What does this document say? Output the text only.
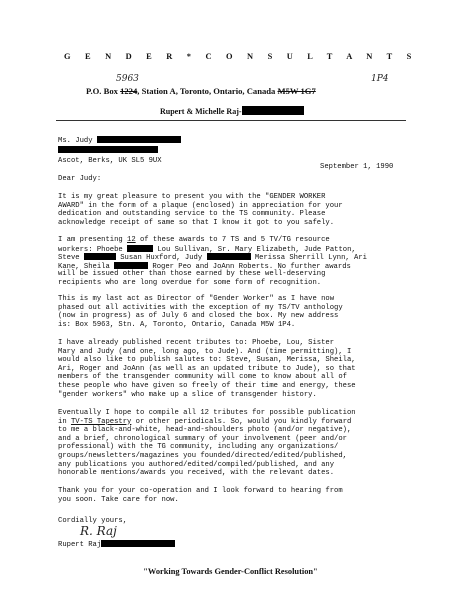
G E N D E R * C O N S U L T A N T S
P.O. Box 1224, Station A, Toronto, Ontario, Canada M5W 1G7
5963	1P4
Rupert & Michelle Raj-
Ms. Judy
Ascot, Berks, UK SL5 9UX
September 1, 1990
Dear Judy:
It is my great pleasure to present you with the "GENDER WORKER
AWARD" in the form of a plaque (enclosed) in appreciation for your
dedication and outstanding service to the TS community. Please
acknowledge receipt of same so that I know it got to you safely.
I am presenting 12 of these awards to 7 TS and 5 TV/TG resource
workers: Phoebe	Lou Sullivan, Sr. Mary Elizabeth, Jude Patton,
Steve	Susan Huxford, Judy	Merissa Sherrill Lynn, Ari
Kane, Sheila	Roger Peo and JoAnn Roberts. No further awards
will be issued other than those earned by these well-deserving
recipients who are long overdue for some form of recognition.
This is my last act as Director of "Gender Worker" as I have now
phased out all activities with the exception of my TS/TV anthology
(now in progress) as of July 6 and closed the box. My new address
is: Box 5963, Stn. A, Toronto, Ontario, Canada M5W 1P4.
I have already published recent tributes to: Phoebe, Lou, Sister
Mary and Judy (and one, long ago, to Jude). And (time permitting), I
would also like to publish salutes to: Steve, Susan, Merissa, Sheila,
Ari, Roger and JoAnn (as well as an updated tribute to Jude), so that
members of the transgender community will come to know about all of
these people who have given so freely of their time and energy, these
"gender workers" who make up a slice of transgender history.
Eventually I hope to compile all 12 tributes for possible publication
in TV-TS Tapestry or other periodicals. So, would you kindly forward
to me a black-and-white, head-and-shoulders photo (and/or negative),
and a brief, chronological summary of your involvement (peer and/or
professional) with the TG community, including any organizations/
groups/newsletters/magazines you founded/directed/edited/published,
any publications you authored/edited/compiled/published, and any
honorable mentions/awards you received, with the relevant dates.
Thank you for your co-operation and I look forward to hearing from
you soon. Take care for now.
Cordially yours,
R. Raj
Rupert Raj
"Working Towards Gender-Conflict Resolution"
